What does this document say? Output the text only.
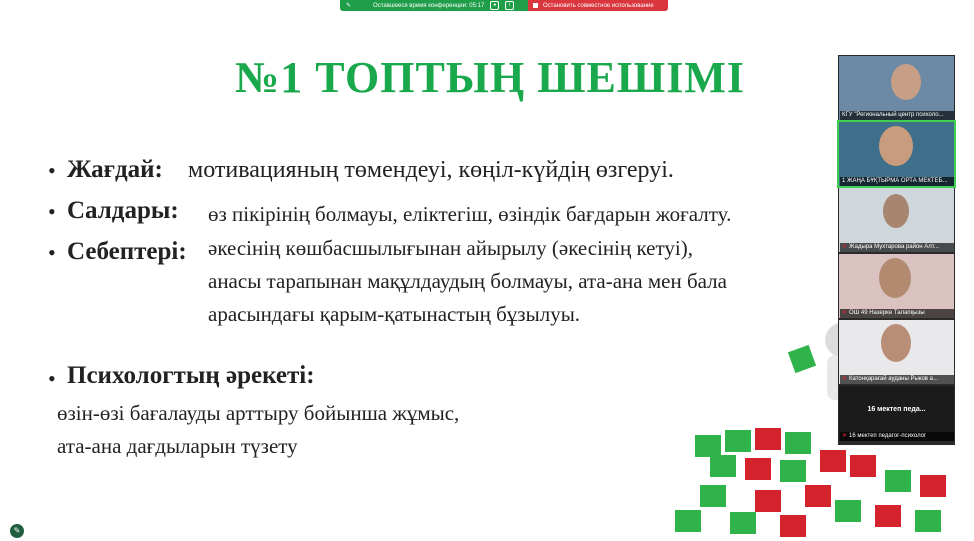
✎	Оставшееся время конференции: 05:17	●	i	Остановить совместное использование
№1 ТОПТЫҢ ШЕШІМІ
• Жағдай: мотивацияның төмендеуі, көңіл-күйдің өзгеруі.
• Салдары: өз пікірінің болмауы, еліктегіш, өзіндік бағдарын жоғалту.
• Себептері: әкесінің көшбасшылығынан айырылу (әкесінің кетуі),
анасы тарапынан мақұлдаудың болмауы, ата-ана мен бала
арасындағы қарым-қатынастың бұзылуы.
• Психологтың әрекеті:
өзін-өзі бағалауды арттыру бойынша жұмыс,
ата-ана дағдыларын түзету
КГУ "Региональный центр психоло...
1 ЖАҢА БҰҚТЫРМА ОРТА МЕКТЕБ...
✕ Жадыра Мухтарова район Алт...
✕ ОШ 49 Назерке Талапқызы
✕ Катонқарағай ауданы Рыков а...
16 мектеп педа...
✕ 16 мектеп педагог-психолог
✎
